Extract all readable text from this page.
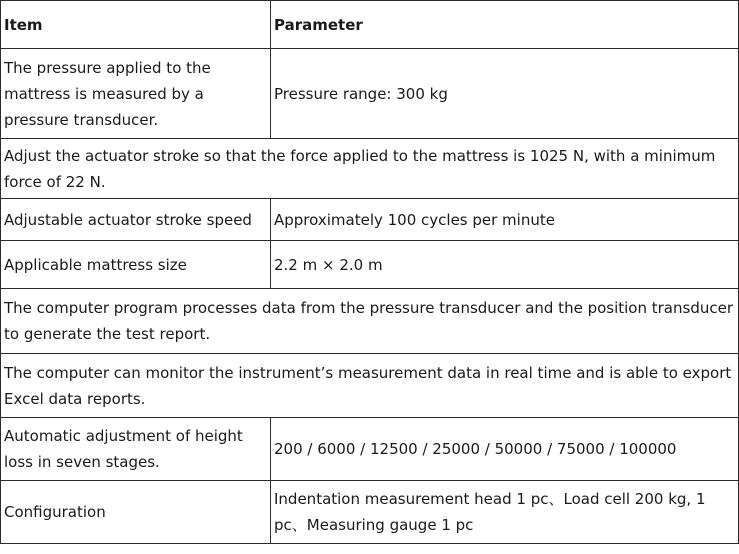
Item	Parameter
The pressure applied to the mattress is measured by a pressure transducer.	Pressure range: 300 kg
Adjust the actuator stroke so that the force applied to the mattress is 1025 N, with a minimum force of 22 N.	
Adjustable actuator stroke speed	Approximately 100 cycles per minute
Applicable mattress size	2.2 m × 2.0 m
The computer program processes data from the pressure transducer and the position transducer to generate the test report.	
The computer can monitor the instrument’s measurement data in real time and is able to export Excel data reports.	
Automatic adjustment of height loss in seven stages.	200 / 6000 / 12500 / 25000 / 50000 / 75000 / 100000
Configuration	Indentation measurement head 1 pc、Load cell 200 kg, 1 pc、Measuring gauge 1 pc
